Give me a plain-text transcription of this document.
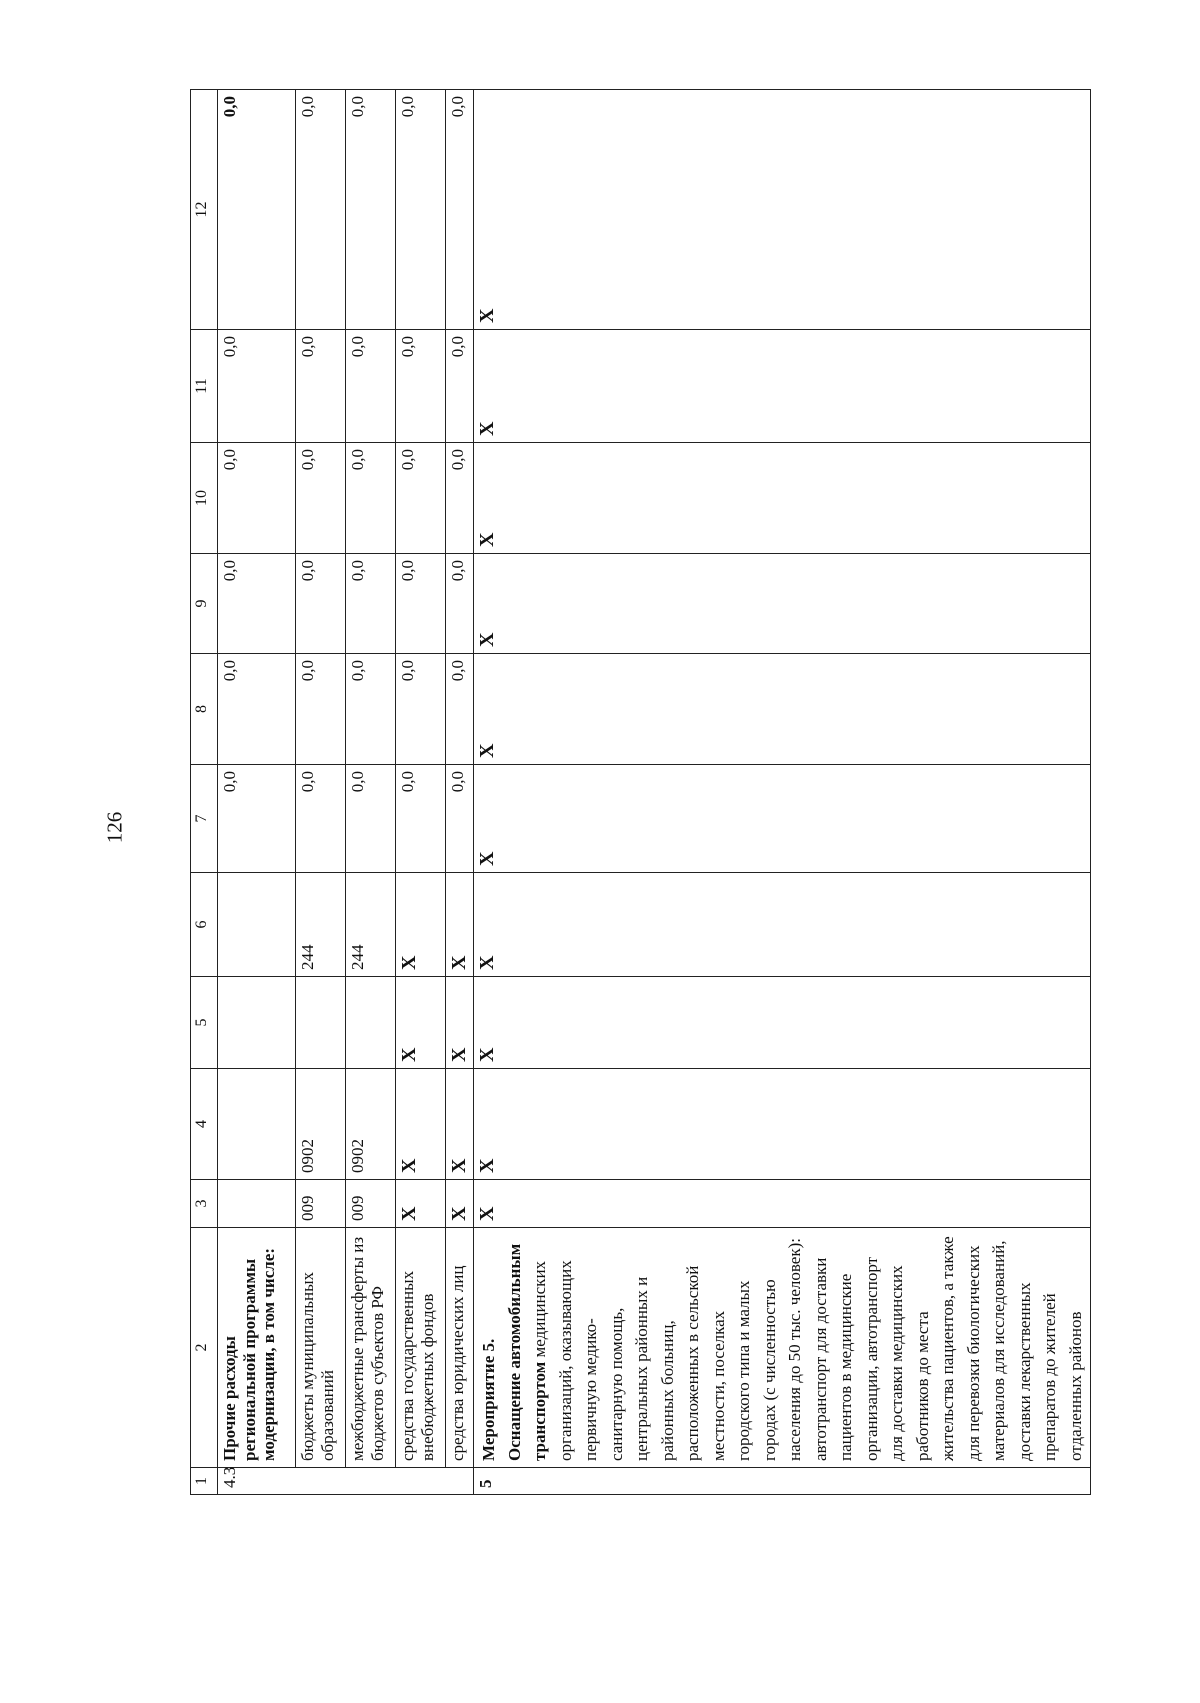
126
1	2	3	4	5	6	7	8	9	10	11	12
4.3	Прочие расходы региональной программы модернизации, в том числе:					0,0	0,0	0,0	0,0	0,0	0,0
	бюджеты муниципальных образований	009	0902		244	0,0	0,0	0,0	0,0	0,0	0,0
	межбюджетные трансферты из бюджетов субъектов РФ	009	0902		244	0,0	0,0	0,0	0,0	0,0	0,0
	средства государственных внебюджетных фондов	Х	Х	Х	Х	0,0	0,0	0,0	0,0	0,0	0,0
	средства юридических лиц	Х	Х	Х	Х	0,0	0,0	0,0	0,0	0,0	0,0
5	Мероприятие 5. Оснащение автомобильным транспортом медицинских организаций, оказывающих первичную медико-санитарную помощь, центральных районных и районных больниц, расположенных в сельской местности, поселках городского типа и малых городах (с численностью населения до 50 тыс. человек): автотранспорт для доставки пациентов в медицинские организации, автотранспорт для доставки медицинских работников до места жительства пациентов, а также для перевозки биологических материалов для исследований, доставки лекарственных препаратов до жителей отдаленных районов	Х	Х	Х	Х	Х	Х	Х	Х	Х	Х
